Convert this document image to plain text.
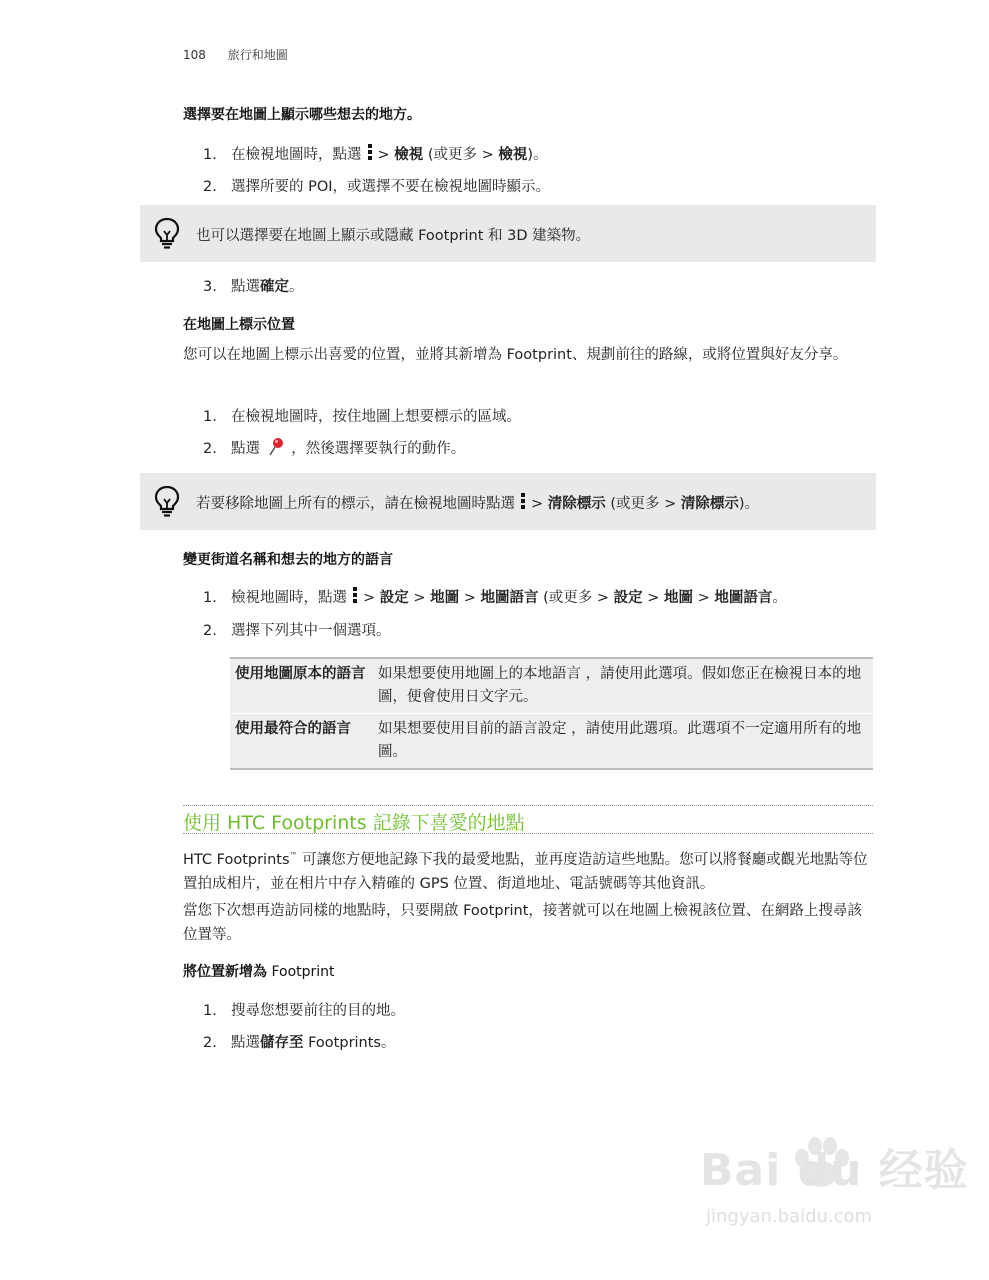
108 旅行和地圖
選擇要在地圖上顯示哪些想去的地方。
1. 在檢視地圖時，點選 > 檢視 (或更多 > 檢視)。
2. 選擇所要的 POI，或選擇不要在檢視地圖時顯示。
也可以選擇要在地圖上顯示或隱藏 Footprint 和 3D 建築物。
3. 點選確定。
在地圖上標示位置
您可以在地圖上標示出喜愛的位置，並將其新增為 Footprint、規劃前往的路線，或將位置與好友分享。
1. 在檢視地圖時，按住地圖上想要標示的區域。
2. 點選 ，然後選擇要執行的動作。
若要移除地圖上所有的標示，請在檢視地圖時點選 > 清除標示 (或更多 > 清除標示)。
變更街道名稱和想去的地方的語言
1. 檢視地圖時，點選 > 設定 > 地圖 > 地圖語言 (或更多 > 設定 > 地圖 > 地圖語言。
2. 選擇下列其中一個選項。
使用地圖原本的語言	如果想要使用地圖上的本地語言 ，請使用此選項。假如您正在檢視日本的地圖，便會使用日文字元。
使用最符合的語言	如果想要使用目前的語言設定 ，請使用此選項。此選項不一定適用所有的地圖。
使用 HTC Footprints 記錄下喜愛的地點
HTC Footprints™ 可讓您方便地記錄下我的最愛地點，並再度造訪這些地點。您可以將餐廳或觀光地點等位置拍成相片，並在相片中存入精確的 GPS 位置、街道地址、電話號碼等其他資訊。
當您下次想再造訪同樣的地點時，只要開啟 Footprint，接著就可以在地圖上檢視該位置、在網路上搜尋該位置等。
將位置新增為 Footprint
1. 搜尋您想要前往的目的地。
2. 點選儲存至 Footprints。
Bai du 经验
jingyan.baidu.com
